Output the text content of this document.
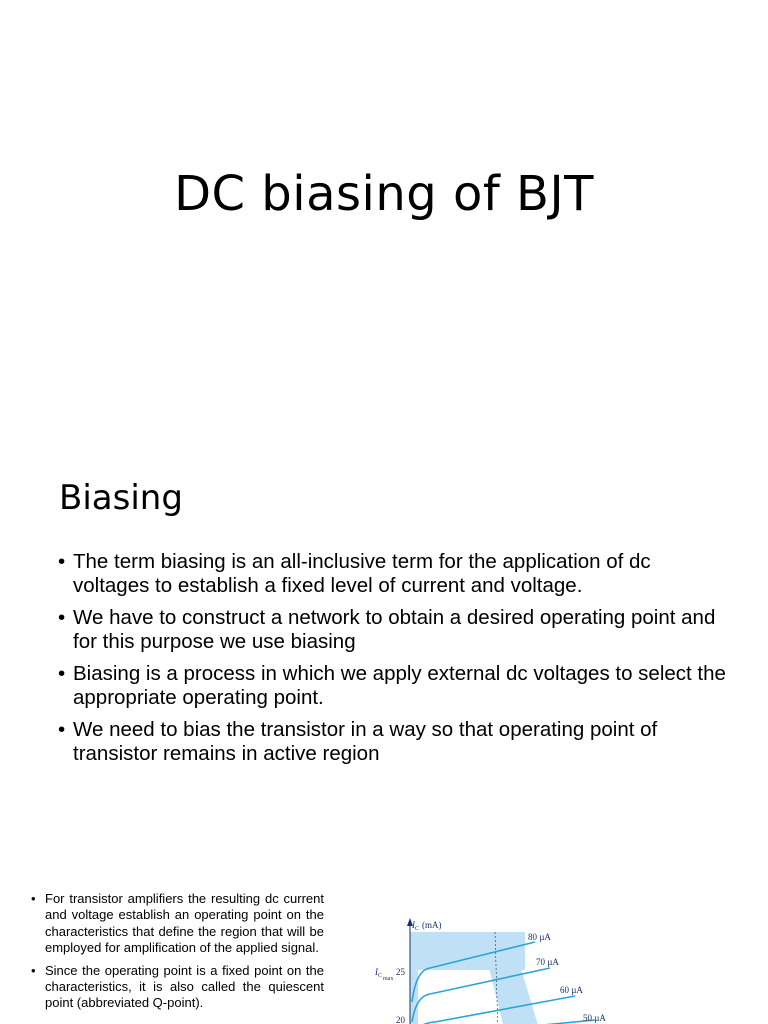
DC biasing of BJT
Biasing
• The term biasing is an all-inclusive term for the application of dc voltages to establish a fixed level of current and voltage.
• We have to construct a network to obtain a desired operating point and for this purpose we use biasing
• Biasing is a process in which we apply external dc voltages to select the appropriate operating point.
• We need to bias the transistor in a way so that operating point of transistor remains in active region
• For transistor amplifiers the resulting dc current and voltage establish an operating point on the characteristics that define the region that will be employed for amplification of the applied signal.
• Since the operating point is a fixed point on the characteristics, it is also called the quiescent point (abbreviated Q-point).
$I_C$ (mA)
$I_{Cmax}$
25
20
80 µA
70 µA
60 µA
50 µA
